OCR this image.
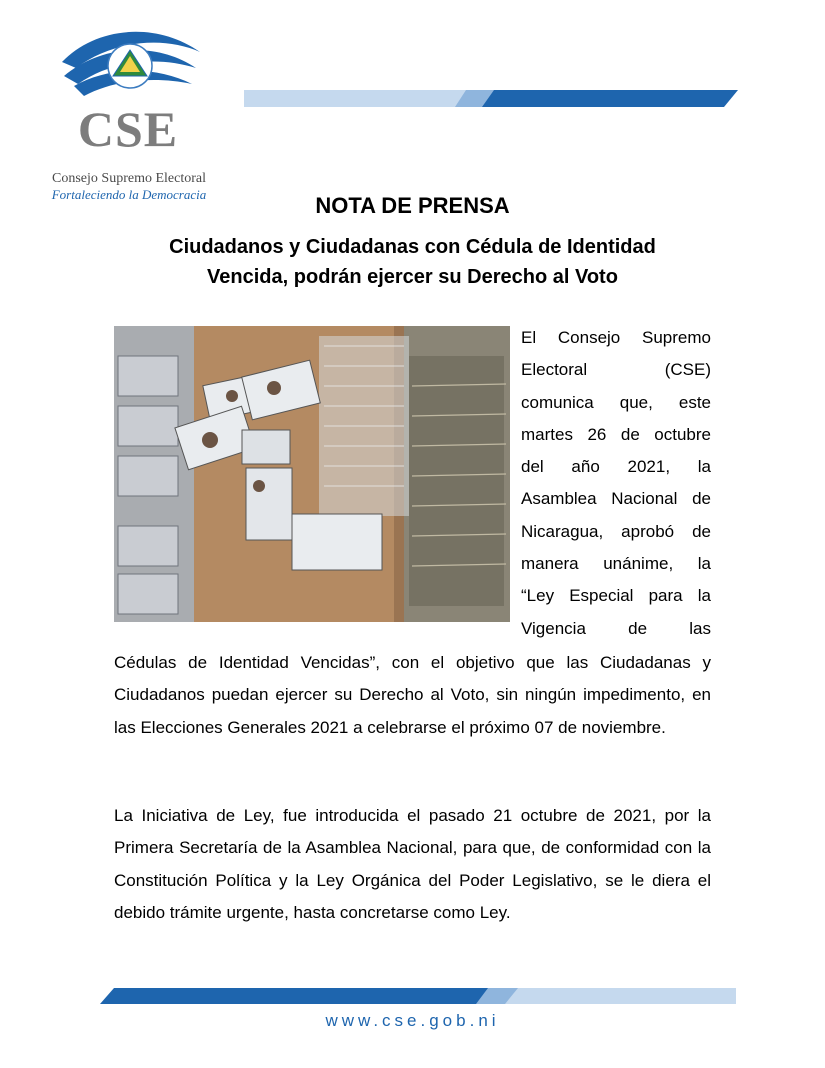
CSE
Consejo Supremo Electoral
Fortaleciendo la Democracia	NOTA DE PRENSA
Ciudadanos y Ciudadanas con Cédula de Identidad
Vencida, podrán ejercer su Derecho al Voto
El Consejo Supremo
Electoral (CSE)
comunica que, este
martes 26 de octubre
del año 2021, la
Asamblea Nacional de
Nicaragua, aprobó de
manera unánime, la
“Ley Especial para la
Vigencia de las
Cédulas de Identidad Vencidas”, con el objetivo que las Ciudadanas y Ciudadanos puedan ejercer su Derecho al Voto, sin ningún impedimento, en las Elecciones Generales 2021 a celebrarse el próximo 07 de noviembre.
La Iniciativa de Ley, fue introducida el pasado 21 octubre de 2021, por la Primera Secretaría de la Asamblea Nacional, para que, de conformidad con la Constitución Política y la Ley Orgánica del Poder Legislativo, se le diera el debido trámite urgente, hasta concretarse como Ley.
www.cse.gob.ni
